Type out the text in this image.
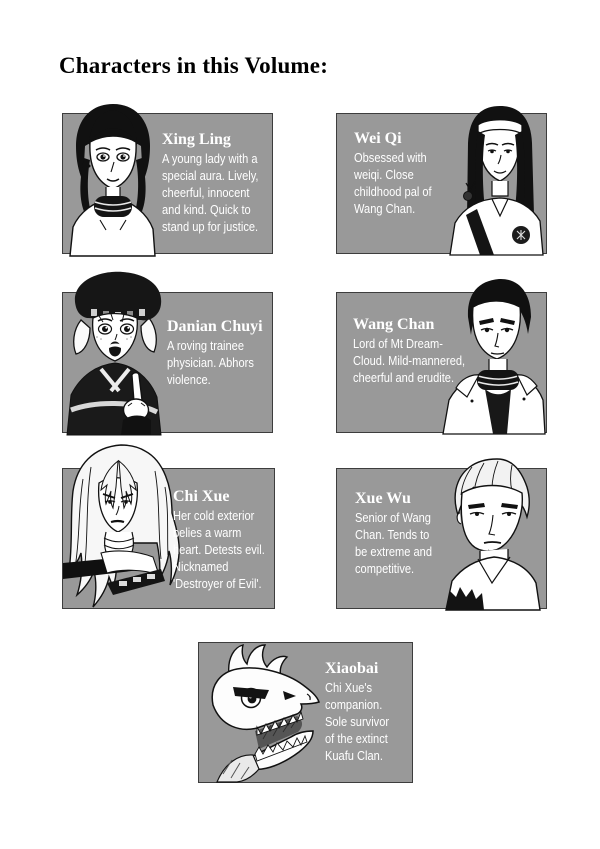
Characters in this Volume:

Xing Ling

A young lady with a special aura. Lively, cheerful, innocent and kind. Quick to stand up for justice.

Wei Qi

Obsessed with weiqi. Close childhood pal of Wang Chan.

Danian Chuyi

A roving trainee physician. Abhors violence.

Wang Chan

Lord of Mt Dream-Cloud. Mild-mannered, cheerful and erudite.

Chi Xue

Her cold exterior belies a warm heart. Detests evil. Nicknamed 'Destroyer of Evil'.

Xue Wu

Senior of Wang Chan. Tends to be extreme and competitive.

Xiaobai

Chi Xue's companion. Sole survivor of the extinct Kuafu Clan.
